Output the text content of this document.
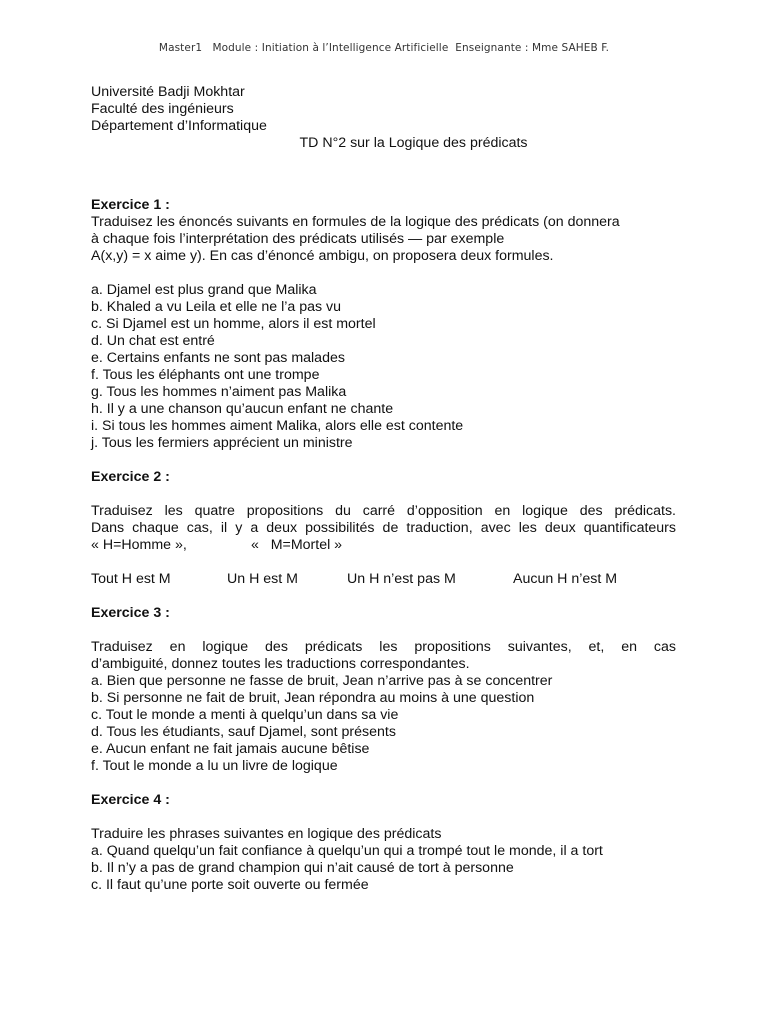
Master1   Module : Initiation à l’Intelligence Artificielle  Enseignante : Mme SAHEB F.
Université Badji Mokhtar
Faculté des ingénieurs
Département d’Informatique
TD N°2 sur la Logique des prédicats
Exercice 1 :
Traduisez les énoncés suivants en formules de la logique des prédicats (on donnera
à chaque fois l’interprétation des prédicats utilisés — par exemple
A(x,y) = x aime y). En cas d’énoncé ambigu, on proposera deux formules.
a. Djamel est plus grand que Malika
b. Khaled a vu Leila et elle ne l’a pas vu
c. Si Djamel est un homme, alors il est mortel
d. Un chat est entré
e. Certains enfants ne sont pas malades
f. Tous les éléphants ont une trompe
g. Tous les hommes n’aiment pas Malika
h. Il y a une chanson qu’aucun enfant ne chante
i. Si tous les hommes aiment Malika, alors elle est contente
j. Tous les fermiers apprécient un ministre
Exercice 2 :
Traduisez les quatre propositions du carré d’opposition en logique des prédicats.
Dans chaque cas, il y a deux possibilités de traduction, avec les deux quantificateurs
« H=Homme »,	«   M=Mortel »
Tout H est M	Un H est M	Un H n’est pas M	Aucun H n’est M
Exercice 3 :
Traduisez en logique des prédicats les propositions suivantes, et, en cas
d’ambiguité, donnez toutes les traductions correspondantes.
a. Bien que personne ne fasse de bruit, Jean n’arrive pas à se concentrer
b. Si personne ne fait de bruit, Jean répondra au moins à une question
c. Tout le monde a menti à quelqu’un dans sa vie
d. Tous les étudiants, sauf Djamel, sont présents
e. Aucun enfant ne fait jamais aucune bêtise
f. Tout le monde a lu un livre de logique
Exercice 4 :
Traduire les phrases suivantes en logique des prédicats
a. Quand quelqu’un fait confiance à quelqu’un qui a trompé tout le monde, il a tort
b. Il n’y a pas de grand champion qui n’ait causé de tort à personne
c. Il faut qu’une porte soit ouverte ou fermée
